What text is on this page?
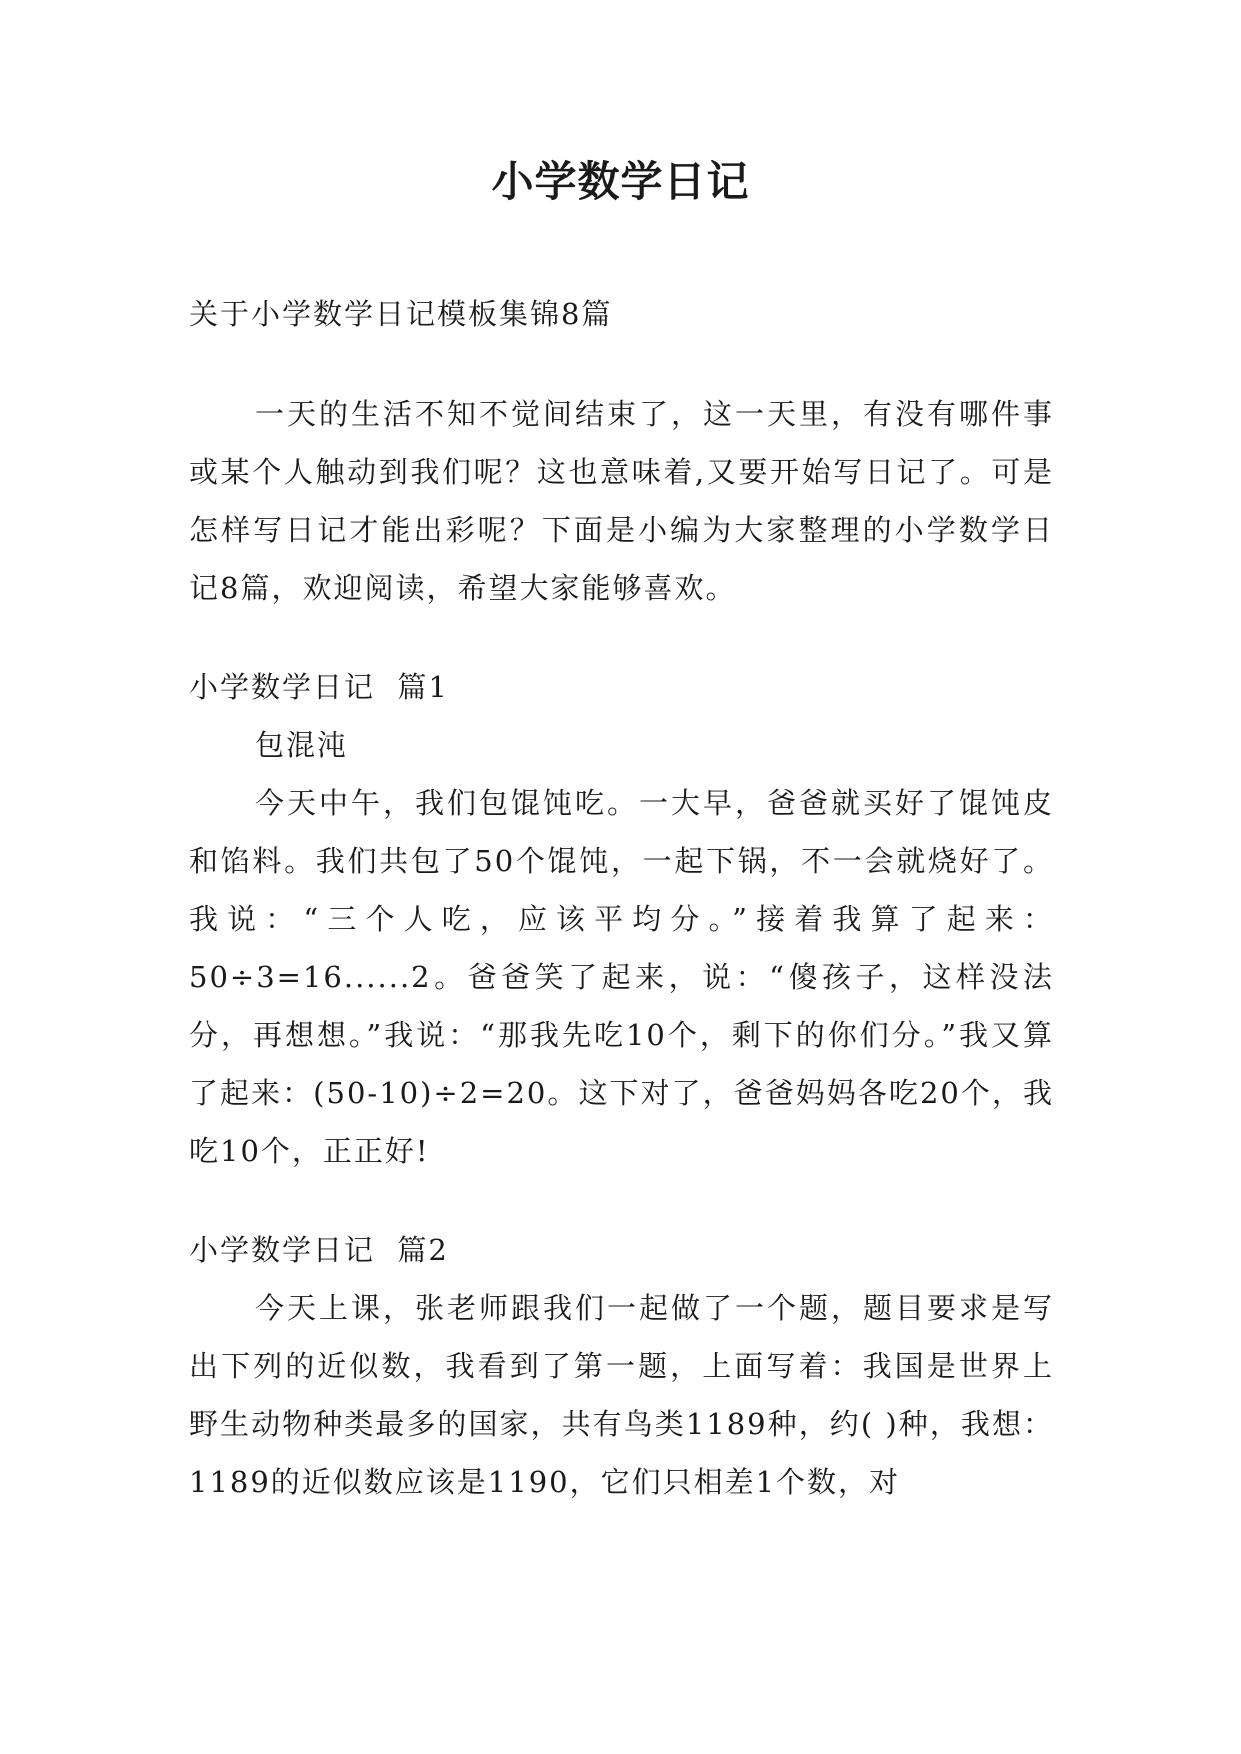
小学数学日记

关于小学数学日记模板集锦8篇

一天的生活不知不觉间结束了，这一天里，有没有哪件事或某个人触动到我们呢？这也意味着,又要开始写日记了。可是怎样写日记才能出彩呢？下面是小编为大家整理的小学数学日记8篇，欢迎阅读，希望大家能够喜欢。

小学数学日记  篇1

包混沌

今天中午，我们包馄饨吃。一大早，爸爸就买好了馄饨皮和馅料。我们共包了50个馄饨，一起下锅，不一会就烧好了。我说：“三个人吃，应该平均分。”接着我算了起来：50÷3=16......2。爸爸笑了起来，说：“傻孩子，这样没法分，再想想。”我说：“那我先吃10个，剩下的你们分。”我又算了起来：(50-10)÷2=20。这下对了，爸爸妈妈各吃20个，我吃10个，正正好!

小学数学日记  篇2

今天上课，张老师跟我们一起做了一个题，题目要求是写出下列的近似数，我看到了第一题，上面写着：我国是世界上野生动物种类最多的国家，共有鸟类1189种，约( )种，我想：1189的近似数应该是1190，它们只相差1个数，对
